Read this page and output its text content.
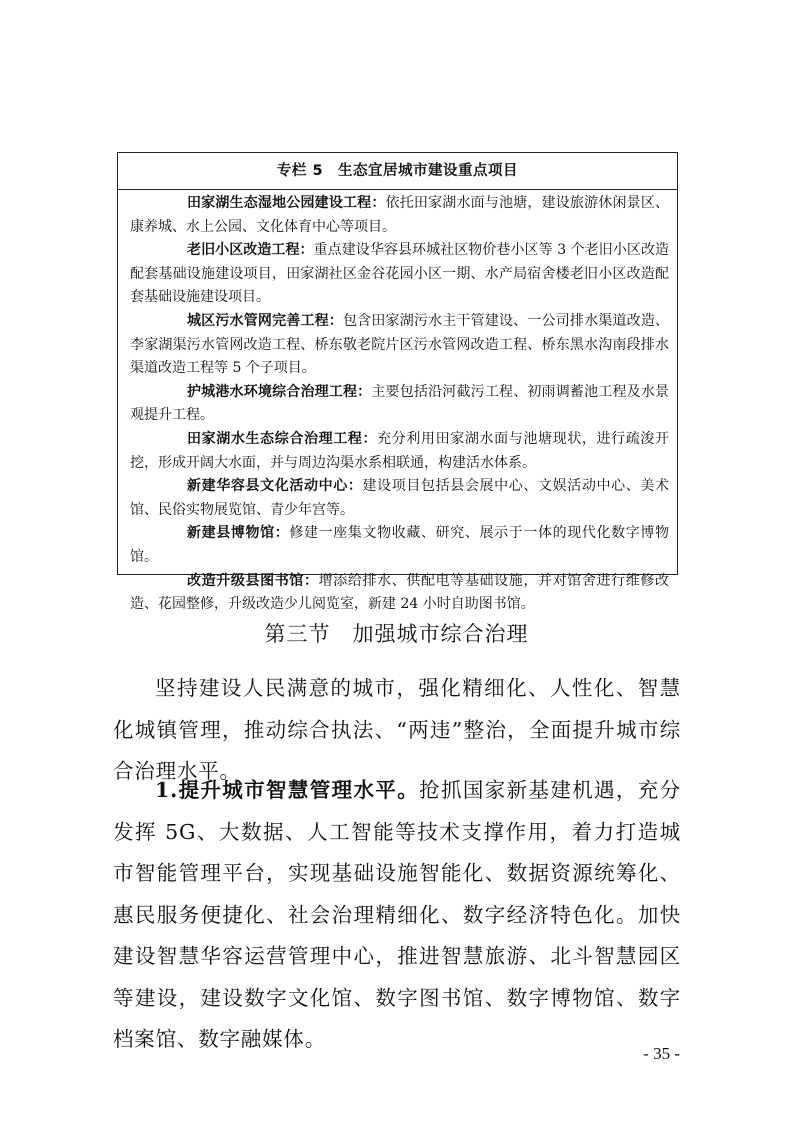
专栏 5　生态宜居城市建设重点项目

田家湖生态湿地公园建设工程：依托田家湖水面与池塘，建设旅游休闲景区、康养城、水上公园、文化体育中心等项目。

老旧小区改造工程：重点建设华容县环城社区物价巷小区等 3 个老旧小区改造配套基础设施建设项目，田家湖社区金谷花园小区一期、水产局宿舍楼老旧小区改造配套基础设施建设项目。

城区污水管网完善工程：包含田家湖污水主干管建设、一公司排水渠道改造、李家湖渠污水管网改造工程、桥东敬老院片区污水管网改造工程、桥东黑水沟南段排水渠道改造工程等 5 个子项目。

护城港水环境综合治理工程：主要包括沿河截污工程、初雨调蓄池工程及水景观提升工程。

田家湖水生态综合治理工程：充分利用田家湖水面与池塘现状，进行疏浚开挖，形成开阔大水面，并与周边沟渠水系相联通，构建活水体系。

新建华容县文化活动中心：建设项目包括县会展中心、文娱活动中心、美术馆、民俗实物展览馆、青少年宫等。

新建县博物馆：修建一座集文物收藏、研究、展示于一体的现代化数字博物馆。

改造升级县图书馆：增添给排水、供配电等基础设施，并对馆舍进行维修改造、花园整修，升级改造少儿阅览室，新建 24 小时自助图书馆。

第三节　加强城市综合治理

坚持建设人民满意的城市，强化精细化、人性化、智慧化城镇管理，推动综合执法、“两违”整治，全面提升城市综合治理水平。

1.提升城市智慧管理水平。抢抓国家新基建机遇，充分发挥 5G、大数据、人工智能等技术支撑作用，着力打造城市智能管理平台，实现基础设施智能化、数据资源统筹化、惠民服务便捷化、社会治理精细化、数字经济特色化。加快建设智慧华容运营管理中心，推进智慧旅游、北斗智慧园区等建设，建设数字文化馆、数字图书馆、数字博物馆、数字档案馆、数字融媒体。

- 35 -
